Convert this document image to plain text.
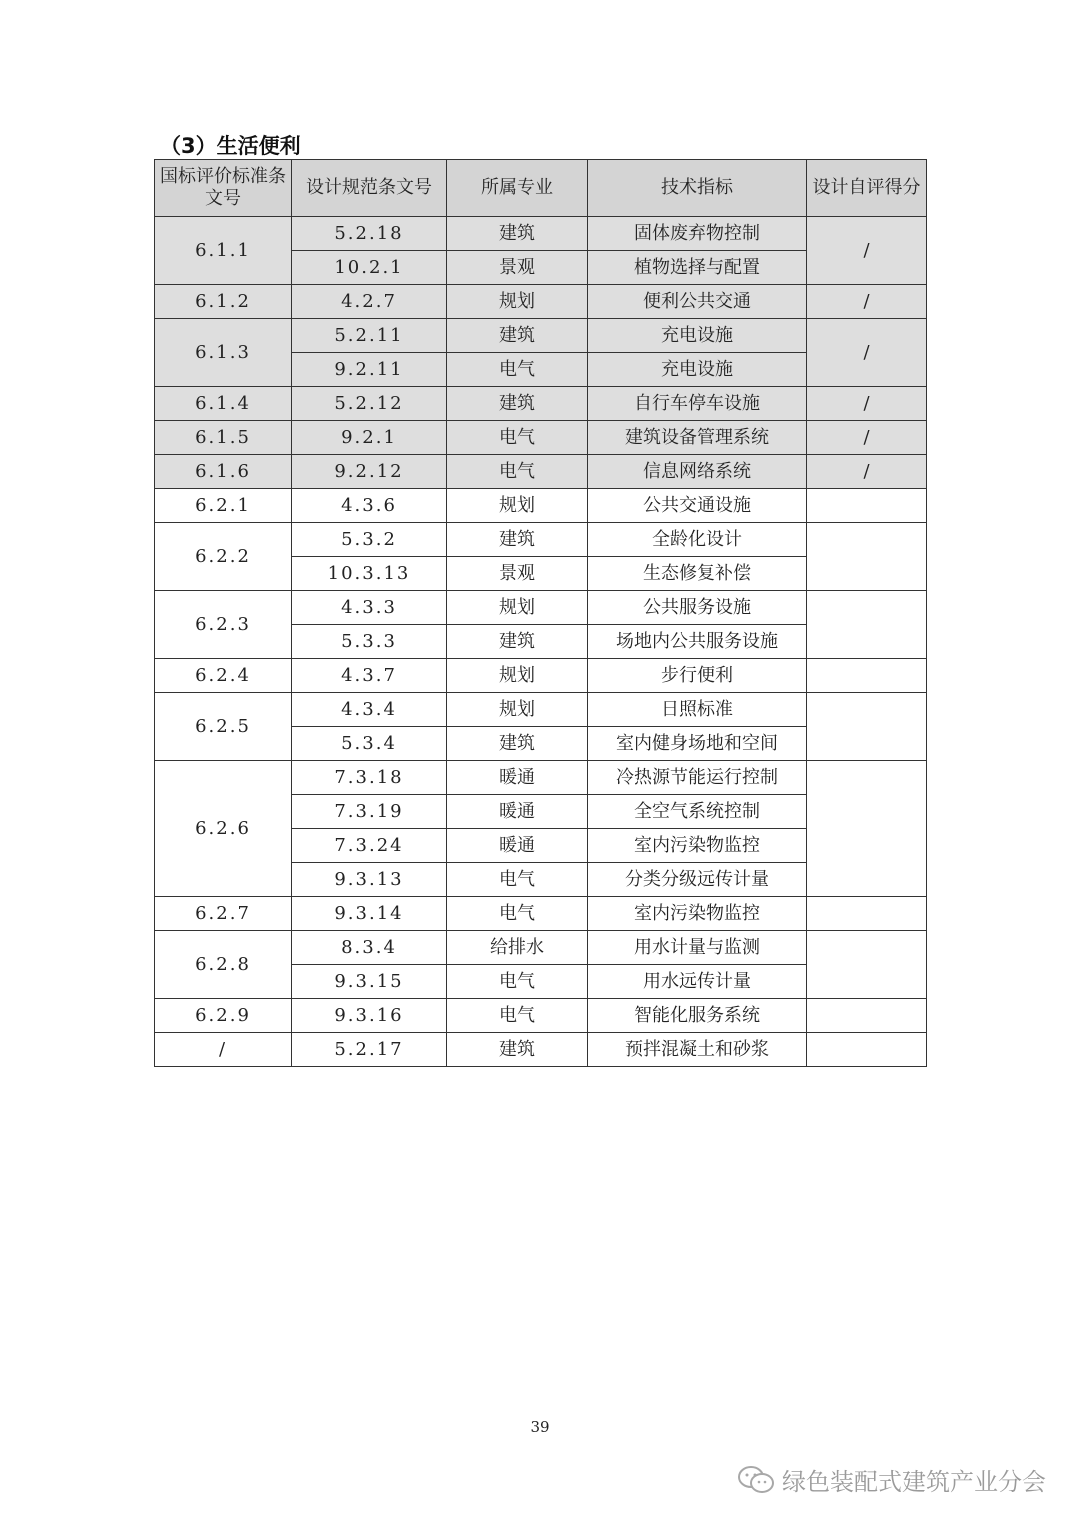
（3）生活便利
国标评价标准条文号	设计规范条文号	所属专业	技术指标	设计自评得分
6.1.1	5.2.18	建筑	固体废弃物控制	/
	10.2.1	景观	植物选择与配置	
6.1.2	4.2.7	规划	便利公共交通	/
6.1.3	5.2.11	建筑	充电设施	/
	9.2.11	电气	充电设施	
6.1.4	5.2.12	建筑	自行车停车设施	/
6.1.5	9.2.1	电气	建筑设备管理系统	/
6.1.6	9.2.12	电气	信息网络系统	/
6.2.1	4.3.6	规划	公共交通设施	
6.2.2	5.3.2	建筑	全龄化设计	
	10.3.13	景观	生态修复补偿	
6.2.3	4.3.3	规划	公共服务设施	
	5.3.3	建筑	场地内公共服务设施	
6.2.4	4.3.7	规划	步行便利	
6.2.5	4.3.4	规划	日照标准	
	5.3.4	建筑	室内健身场地和空间	
6.2.6	7.3.18	暖通	冷热源节能运行控制	
	7.3.19	暖通	全空气系统控制	
	7.3.24	暖通	室内污染物监控	
	9.3.13	电气	分类分级远传计量	
6.2.7	9.3.14	电气	室内污染物监控	
6.2.8	8.3.4	给排水	用水计量与监测	
	9.3.15	电气	用水远传计量	
6.2.9	9.3.16	电气	智能化服务系统	
/	5.2.17	建筑	预拌混凝土和砂浆	
39
绿色装配式建筑产业分会
